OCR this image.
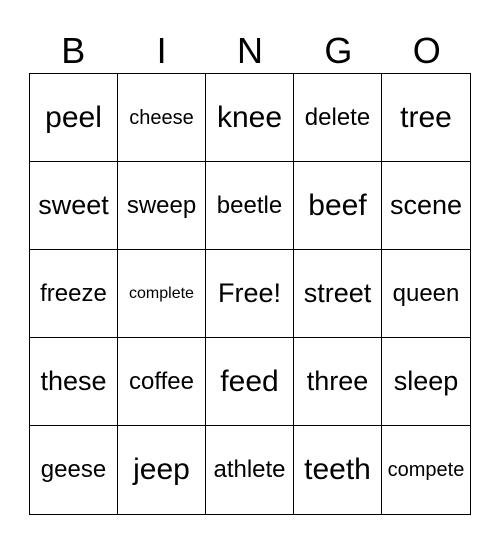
B	I	N	G	O
peel	cheese knee delete tree
sweet sweep beetle beef scene
freeze	complete Free! street queen
these coffee feed	three sleep
geese jeep athlete teeth compete
